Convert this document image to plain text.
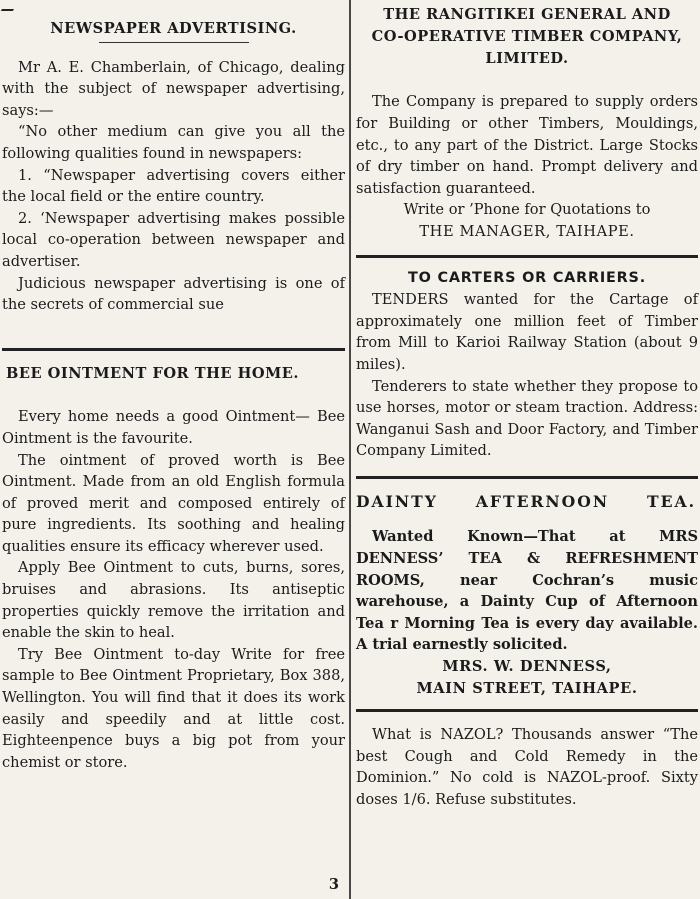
NEWSPAPER ADVERTISING.

Mr A. E. Chamberlain, of Chicago, dealing with the subject of newspaper advertising, says:—

“No other medium can give you all the following qualities found in newspapers:

1. “Newspaper advertising covers either the local field or the entire country.

2. ‘Newspaper advertising makes possible local co-operation between newspaper and advertiser.

Judicious newspaper advertising is one of the secrets of commercial sue

BEE OINTMENT FOR THE HOME.

Every home needs a good Ointment— Bee Ointment is the favourite.

The ointment of proved worth is Bee Ointment. Made from an old English formula of proved merit and composed entirely of pure ingredients. Its soothing and healing qualities ensure its efficacy wherever used.

Apply Bee Ointment to cuts, burns, sores, bruises and abrasions. Its antiseptic properties quickly remove the irritation and enable the skin to heal.

Try Bee Ointment to-day Write for free sample to Bee Ointment Proprietary, Box 388, Wellington. You will find that it does its work easily and speedily and at little cost. Eighteenpence buys a big pot from your chemist or store.

3
THE RANGITIKEI GENERAL AND CO-OPERATIVE TIMBER COMPANY, LIMITED.

The Company is prepared to supply orders for Building or other Timbers, Mouldings, etc., to any part of the District. Large Stocks of dry timber on hand. Prompt delivery and satisfaction guaranteed.

Write or ’Phone for Quotations to

THE MANAGER, TAIHAPE.

TO CARTERS OR CARRIERS.

TENDERS wanted for the Cartage of approximately one million feet of Timber from Mill to Karioi Railway Station (about 9 miles).

Tenderers to state whether they propose to use horses, motor or steam traction. Address: Wanganui Sash and Door Factory, and Timber Company Limited.

DAINTY AFTERNOON TEA.

Wanted Known—That at MRS DENNESS’ TEA & REFRESHMENT ROOMS, near Cochran’s music warehouse, a Dainty Cup of Afternoon Tea r Morning Tea is every day available. A trial earnestly solicited.

MRS. W. DENNESS,

MAIN STREET, TAIHAPE.

What is NAZOL? Thousands answer “The best Cough and Cold Remedy in the Dominion.” No cold is NAZOL-proof. Sixty doses 1/6. Refuse substitutes.
